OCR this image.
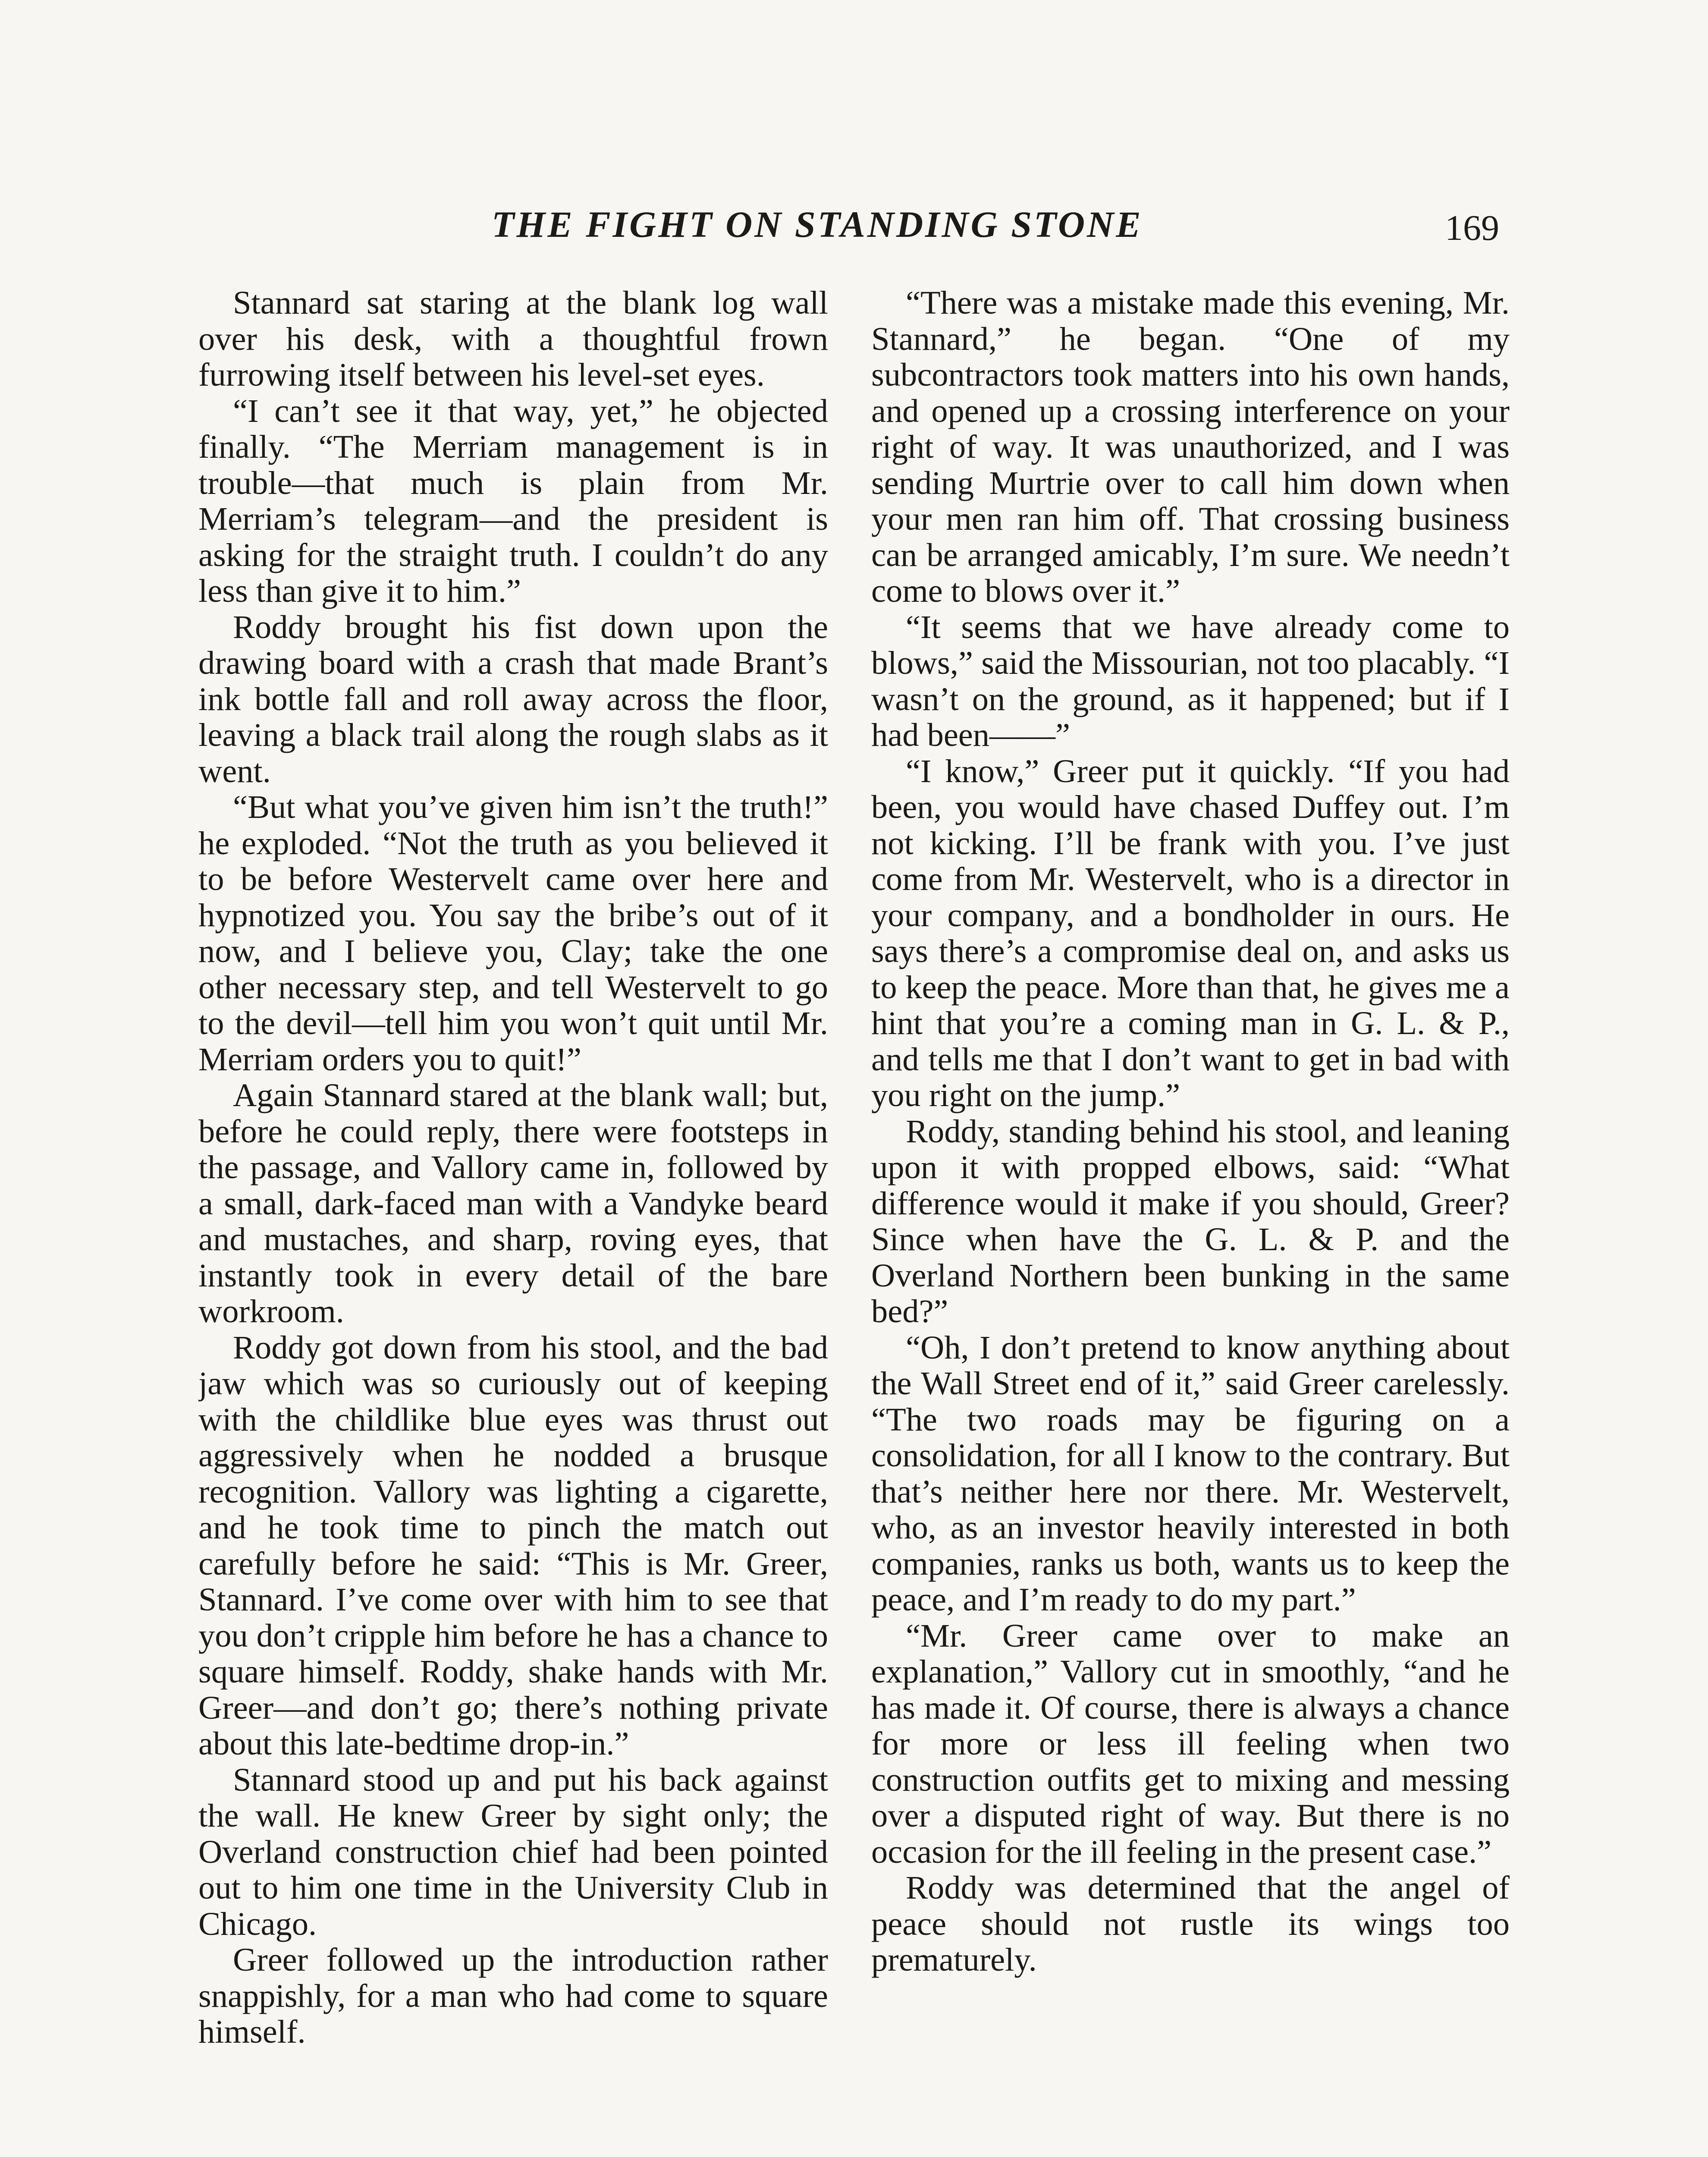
THE FIGHT ON STANDING STONE	169

Stannard sat staring at the blank log wall over his desk, with a thoughtful frown furrowing itself between his level-set eyes.

“I can’t see it that way, yet,” he objected finally. “The Merriam management is in trouble—that much is plain from Mr. Merriam’s telegram—and the president is asking for the straight truth. I couldn’t do any less than give it to him.”

Roddy brought his fist down upon the drawing board with a crash that made Brant’s ink bottle fall and roll away across the floor, leaving a black trail along the rough slabs as it went.

“But what you’ve given him isn’t the truth!” he exploded. “Not the truth as you believed it to be before Westervelt came over here and hypnotized you. You say the bribe’s out of it now, and I believe you, Clay; take the one other necessary step, and tell Westervelt to go to the devil—tell him you won’t quit until Mr. Merriam orders you to quit!”

Again Stannard stared at the blank wall; but, before he could reply, there were footsteps in the passage, and Vallory came in, followed by a small, dark-faced man with a Vandyke beard and mustaches, and sharp, roving eyes, that instantly took in every detail of the bare workroom.

Roddy got down from his stool, and the bad jaw which was so curiously out of keeping with the childlike blue eyes was thrust out aggressively when he nodded a brusque recognition. Vallory was lighting a cigarette, and he took time to pinch the match out carefully before he said: “This is Mr. Greer, Stannard. I’ve come over with him to see that you don’t cripple him before he has a chance to square himself. Roddy, shake hands with Mr. Greer—and don’t go; there’s nothing private about this late-bedtime drop-in.”

Stannard stood up and put his back against the wall. He knew Greer by sight only; the Overland construction chief had been pointed out to him one time in the University Club in Chicago.

Greer followed up the introduction rather snappishly, for a man who had come to square himself.

“There was a mistake made this evening, Mr. Stannard,” he began. “One of my subcontractors took matters into his own hands, and opened up a crossing interference on your right of way. It was unauthorized, and I was sending Murtrie over to call him down when your men ran him off. That crossing business can be arranged amicably, I’m sure. We needn’t come to blows over it.”

“It seems that we have already come to blows,” said the Missourian, not too placably. “I wasn’t on the ground, as it happened; but if I had been——”

“I know,” Greer put it quickly. “If you had been, you would have chased Duffey out. I’m not kicking. I’ll be frank with you. I’ve just come from Mr. Westervelt, who is a director in your company, and a bondholder in ours. He says there’s a compromise deal on, and asks us to keep the peace. More than that, he gives me a hint that you’re a coming man in G. L. & P., and tells me that I don’t want to get in bad with you right on the jump.”

Roddy, standing behind his stool, and leaning upon it with propped elbows, said: “What difference would it make if you should, Greer? Since when have the G. L. & P. and the Overland Northern been bunking in the same bed?”

“Oh, I don’t pretend to know anything about the Wall Street end of it,” said Greer carelessly. “The two roads may be figuring on a consolidation, for all I know to the contrary. But that’s neither here nor there. Mr. Westervelt, who, as an investor heavily interested in both companies, ranks us both, wants us to keep the peace, and I’m ready to do my part.”

“Mr. Greer came over to make an explanation,” Vallory cut in smoothly, “and he has made it. Of course, there is always a chance for more or less ill feeling when two construction outfits get to mixing and messing over a disputed right of way. But there is no occasion for the ill feeling in the present case.”

Roddy was determined that the angel of peace should not rustle its wings too prematurely.
